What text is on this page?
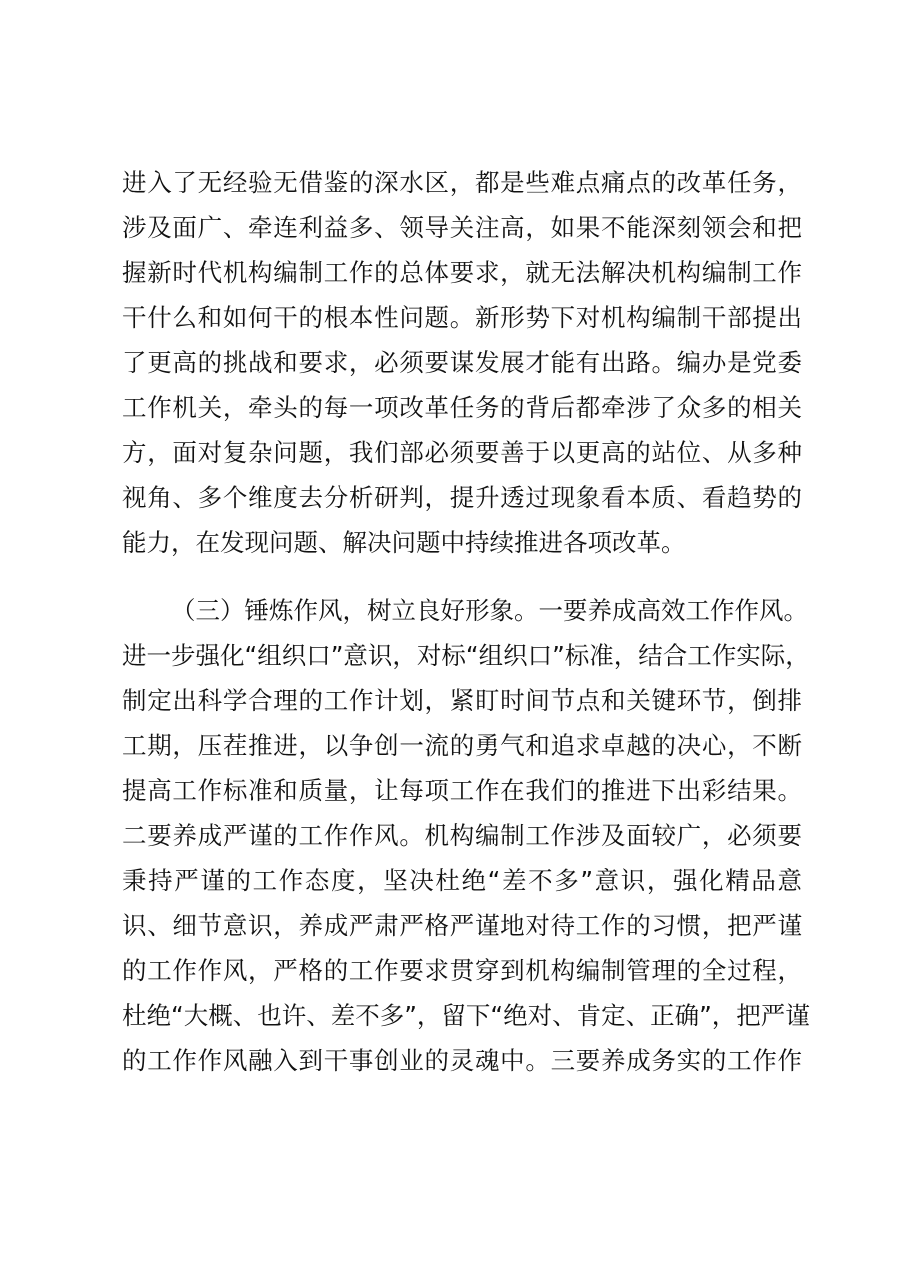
进入了无经验无借鉴的深水区，都是些难点痛点的改革任务，
涉及面广、牵连利益多、领导关注高，如果不能深刻领会和把
握新时代机构编制工作的总体要求，就无法解决机构编制工作
干什么和如何干的根本性问题。新形势下对机构编制干部提出
了更高的挑战和要求，必须要谋发展才能有出路。编办是党委
工作机关，牵头的每一项改革任务的背后都牵涉了众多的相关
方，面对复杂问题，我们部必须要善于以更高的站位、从多种
视角、多个维度去分析研判，提升透过现象看本质、看趋势的
能力，在发现问题、解决问题中持续推进各项改革。
（三）锤炼作风，树立良好形象。一要养成高效工作作风。
进一步强化“组织口”意识，对标“组织口”标准，结合工作实际，
制定出科学合理的工作计划，紧盯时间节点和关键环节，倒排
工期，压茬推进，以争创一流的勇气和追求卓越的决心，不断
提高工作标准和质量，让每项工作在我们的推进下出彩结果。
二要养成严谨的工作作风。机构编制工作涉及面较广，必须要
秉持严谨的工作态度，坚决杜绝“差不多”意识，强化精品意
识、细节意识，养成严肃严格严谨地对待工作的习惯，把严谨
的工作作风，严格的工作要求贯穿到机构编制管理的全过程，
杜绝“大概、也许、差不多”，留下“绝对、肯定、正确”，把严谨
的工作作风融入到干事创业的灵魂中。三要养成务实的工作作
